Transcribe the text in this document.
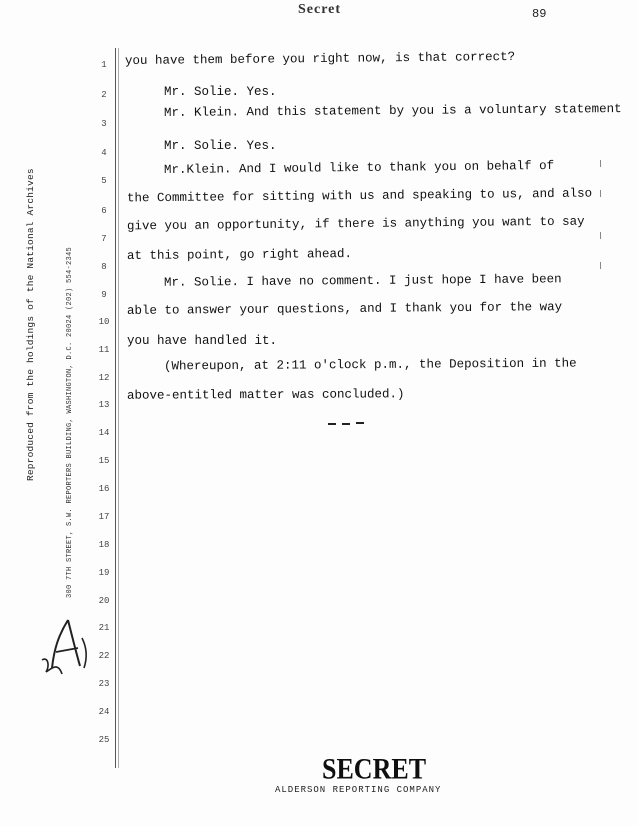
Secret	89
Reproduced from the holdings of the National Archives	300 7TH STREET, S.W. REPORTERS BUILDING, WASHINGTON, D.C. 20024 (202) 554-2345
1
2
3
4
5
6
7
8
9
10
11
12
13
14
15
16
17
18
19
20
21
22
23
24
25
you have them before you right now, is that correct?
Mr. Solie. Yes.
Mr. Klein. And this statement by you is a voluntary statement
Mr. Solie. Yes.
Mr.Klein. And I would like to thank you on behalf of
the Committee for sitting with us and speaking to us, and also
give you an opportunity, if there is anything you want to say
at this point, go right ahead.
Mr. Solie. I have no comment. I just hope I have been
able to answer your questions, and I thank you for the way
you have handled it.
(Whereupon, at 2:11 o'clock p.m., the Deposition in the
above-entitled matter was concluded.)
SECRET
ALDERSON REPORTING COMPANY
